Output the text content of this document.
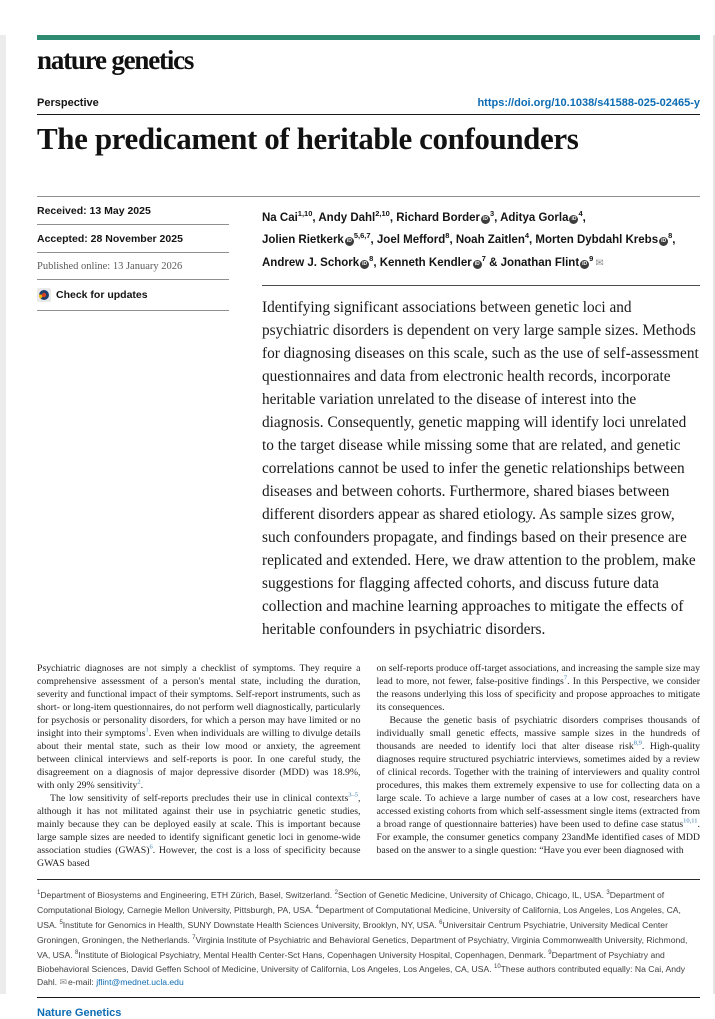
nature genetics
Perspective	https://doi.org/10.1038/s41588-025-02465-y
The predicament of heritable confounders
Received: 13 May 2025
Accepted: 28 November 2025
Published online: 13 January 2026
Check for updates
Na Cai$^{1,10}$, Andy Dahl$^{2,10}$, Richard Border $iD^3$, Aditya Gorla $iD^4$,
Jolien Rietkerk iD$^{5,6,7}$, Joel Mefford$^8$, Noah Zaitlen$^4$, Morten Dybdahl Krebs $iD^8$,
Andrew J. Schork $iD^8$, Kenneth Kendler $iD^7$ & Jonathan Flint $iD^9$ ✉
Identifying significant associations between genetic loci and psychiatric disorders is dependent on very large sample sizes. Methods for diagnosing diseases on this scale, such as the use of self-assessment questionnaires and data from electronic health records, incorporate heritable variation unrelated to the disease of interest into the diagnosis. Consequently, genetic mapping will identify loci unrelated to the target disease while missing some that are related, and genetic correlations cannot be used to infer the genetic relationships between diseases and between cohorts. Furthermore, shared biases between different disorders appear as shared etiology. As sample sizes grow, such confounders propagate, and findings based on their presence are replicated and extended. Here, we draw attention to the problem, make suggestions for flagging affected cohorts, and discuss future data collection and machine learning approaches to mitigate the effects of heritable confounders in psychiatric disorders.

Psychiatric diagnoses are not simply a checklist of symptoms. They require a comprehensive assessment of a person's mental state, including the duration, severity and functional impact of their symptoms. Self-report instruments, such as short- or long-item questionnaires, do not perform well diagnostically, particularly for psychosis or personality disorders, for which a person may have limited or no insight into their symptoms$^1$. Even when individuals are willing to divulge details about their mental state, such as their low mood or anxiety, the agreement between clinical interviews and self-reports is poor. In one careful study, the disagreement on a diagnosis of major depressive disorder (MDD) was 18.9%, with only 29% sensitivity$^2$.

The low sensitivity of self-reports precludes their use in clinical contexts$^{3-5}$, although it has not militated against their use in psychiatric genetic studies, mainly because they can be deployed easily at scale. This is important because large sample sizes are needed to identify significant genetic loci in genome-wide association studies (GWAS)$^6$. However, the cost is a loss of specificity because GWAS based

on self-reports produce off-target associations, and increasing the sample size may lead to more, not fewer, false-positive findings$^7$. In this Perspective, we consider the reasons underlying this loss of specificity and propose approaches to mitigate its consequences.

Because the genetic basis of psychiatric disorders comprises thousands of individually small genetic effects, massive sample sizes in the hundreds of thousands are needed to identify loci that alter disease risk$^{8,9}$. High-quality diagnoses require structured psychiatric interviews, sometimes aided by a review of clinical records. Together with the training of interviewers and quality control procedures, this makes them extremely expensive to use for collecting data on a large scale. To achieve a large number of cases at a low cost, researchers have accessed existing cohorts from which self-assessment single items (extracted from a broad range of questionnaire batteries) have been used to define case status$^{10,11}$. For example, the consumer genetics company 23andMe identified cases of MDD based on the answer to a single question: “Have you ever been diagnosed with

$^1$Department of Biosystems and Engineering, ETH Zürich, Basel, Switzerland. $^2$Section of Genetic Medicine, University of Chicago, Chicago, IL, USA. $^3$Department of Computational Biology, Carnegie Mellon University, Pittsburgh, PA, USA. $^4$Department of Computational Medicine, University of California, Los Angeles, Los Angeles, CA, USA. $^5$Institute for Genomics in Health, SUNY Downstate Health Sciences University, Brooklyn, NY, USA. $^6$Universitair Centrum Psychiatrie, University Medical Center Groningen, Groningen, the Netherlands. $^7$Virginia Institute of Psychiatric and Behavioral Genetics, Department of Psychiatry, Virginia Commonwealth University, Richmond, VA, USA. $^8$Institute of Biological Psychiatry, Mental Health Center-Sct Hans, Copenhagen University Hospital, Copenhagen, Denmark. $^9$Department of Psychiatry and Biobehavioral Sciences, David Geffen School of Medicine, University of California, Los Angeles, Los Angeles, CA, USA. $^{10}$These authors contributed equally: Na Cai, Andy Dahl. ✉e-mail: jflint@mednet.ucla.edu
Nature Genetics
